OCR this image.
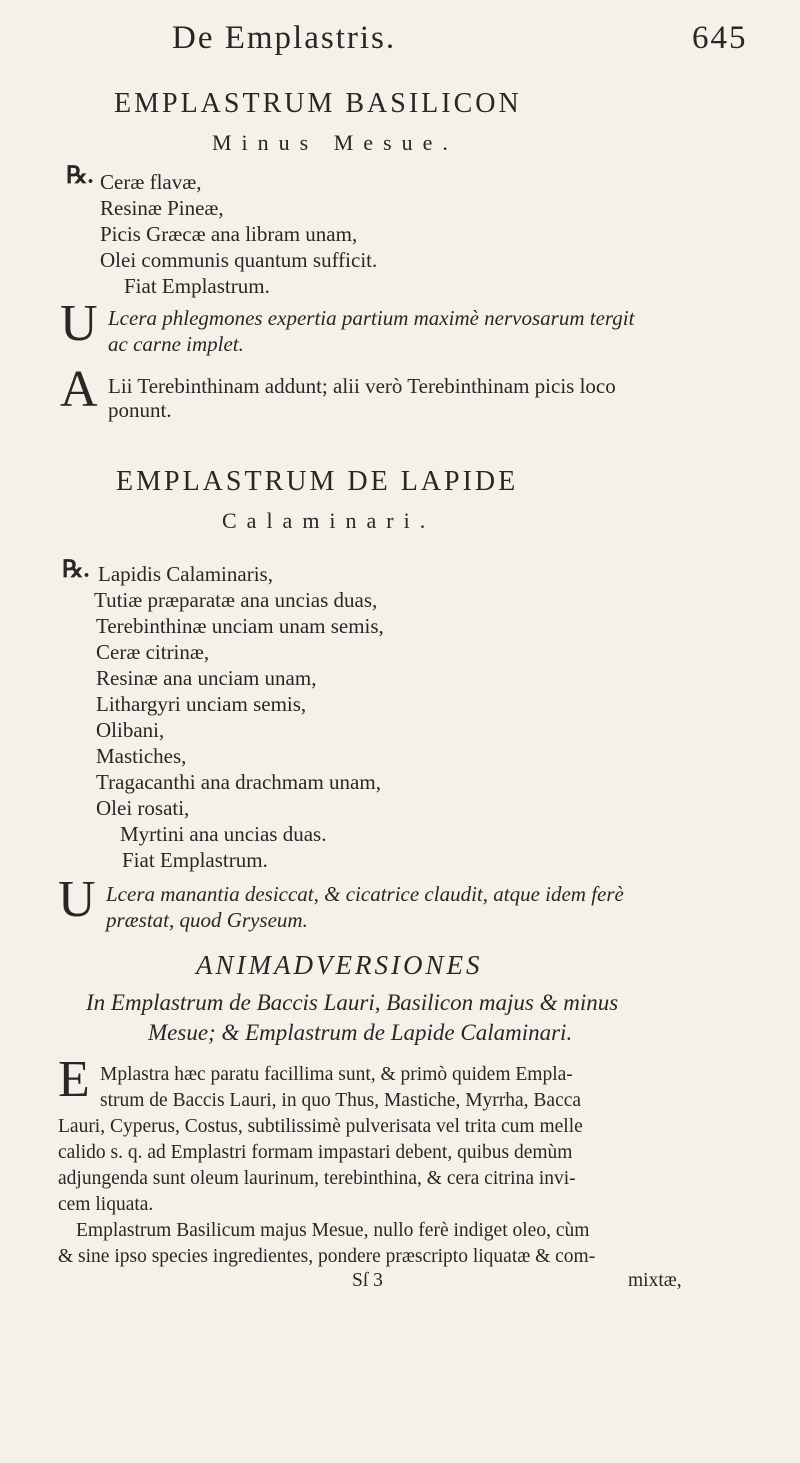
De Emplastris.	645
EMPLASTRUM BASILICON
Minus Mesue.
℞. Ceræ flavæ,
Resinæ Pineæ,
Picis Græcæ ana libram unam,
Olei communis quantum sufficit.
Fiat Emplastrum.
U Lcera phlegmones expertia partium maximè nervosarum tergit
ac carne implet.
A Lii Terebinthinam addunt; alii verò Terebinthinam picis loco
ponunt.
EMPLASTRUM DE LAPIDE
Calaminari.
℞. Lapidis Calaminaris,
Tutiæ præparatæ ana uncias duas,
Terebinthinæ unciam unam semis,
Ceræ citrinæ,
Resinæ ana unciam unam,
Lithargyri unciam semis,
Olibani,
Mastiches,
Tragacanthi ana drachmam unam,
Olei rosati,
Myrtini ana uncias duas.
Fiat Emplastrum.
U Lcera manantia desiccat, & cicatrice claudit, atque idem ferè
præstat, quod Gryseum.
ANIMADVERSIONES
In Emplastrum de Baccis Lauri, Basilicon majus & minus
Mesue; & Emplastrum de Lapide Calaminari.
E Mplastra hæc paratu facillima sunt, & primò quidem Empla-
strum de Baccis Lauri, in quo Thus, Mastiche, Myrrha, Bacca
Lauri, Cyperus, Costus, subtilissimè pulverisata vel trita cum melle
calido s. q. ad Emplastri formam impastari debent, quibus demùm
adjungenda sunt oleum laurinum, terebinthina, & cera citrina invi-
cem liquata.
Emplastrum Basilicum majus Mesue, nullo ferè indiget oleo, cùm
& sine ipso species ingredientes, pondere præscripto liquatæ & com-
Sſ 3	mixtæ,
